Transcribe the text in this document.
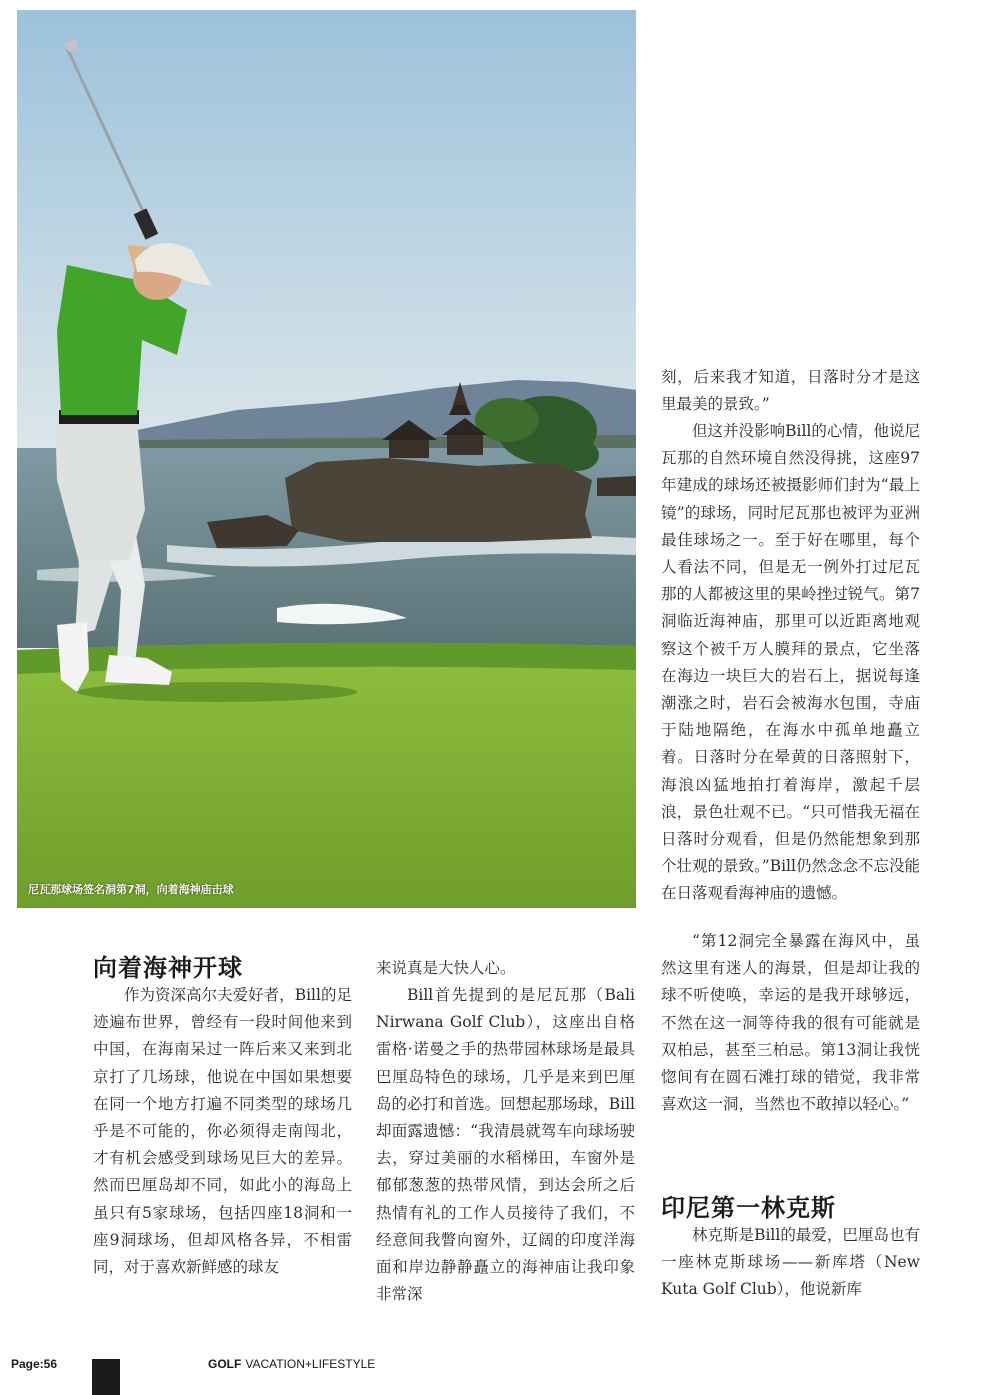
尼瓦那球场签名洞第7洞，向着海神庙击球
向着海神开球

作为资深高尔夫爱好者，Bill的足迹遍布世界，曾经有一段时间他来到中国，在海南呆过一阵后来又来到北京打了几场球，他说在中国如果想要在同一个地方打遍不同类型的球场几乎是不可能的，你必须得走南闯北，才有机会感受到球场见巨大的差异。然而巴厘岛却不同，如此小的海岛上虽只有5家球场，包括四座18洞和一座9洞球场，但却风格各异，不相雷同，对于喜欢新鲜感的球友

来说真是大快人心。

Bill首先提到的是尼瓦那（Bali Nirwana Golf Club），这座出自格雷格·诺曼之手的热带园林球场是最具巴厘岛特色的球场，几乎是来到巴厘岛的必打和首选。回想起那场球，Bill却面露遗憾：“我清晨就驾车向球场驶去，穿过美丽的水稻梯田，车窗外是郁郁葱葱的热带风情，到达会所之后热情有礼的工作人员接待了我们，不经意间我瞥向窗外，辽阔的印度洋海面和岸边静静矗立的海神庙让我印象非常深

刻，后来我才知道，日落时分才是这里最美的景致。”

但这并没影响Bill的心情，他说尼瓦那的自然环境自然没得挑，这座97年建成的球场还被摄影师们封为“最上镜”的球场，同时尼瓦那也被评为亚洲最佳球场之一。至于好在哪里，每个人看法不同，但是无一例外打过尼瓦那的人都被这里的果岭挫过锐气。第7洞临近海神庙，那里可以近距离地观察这个被千万人膜拜的景点，它坐落在海边一块巨大的岩石上，据说每逢潮涨之时，岩石会被海水包围，寺庙于陆地隔绝，在海水中孤单地矗立着。日落时分在晕黄的日落照射下，海浪凶猛地拍打着海岸，激起千层浪，景色壮观不已。“只可惜我无福在日落时分观看，但是仍然能想象到那个壮观的景致。”Bill仍然念念不忘没能在日落观看海神庙的遗憾。

“第12洞完全暴露在海风中，虽然这里有迷人的海景，但是却让我的球不听使唤，幸运的是我开球够远，不然在这一洞等待我的很有可能就是双柏忌，甚至三柏忌。第13洞让我恍惚间有在圆石滩打球的错觉，我非常喜欢这一洞，当然也不敢掉以轻心。”

印尼第一林克斯

林克斯是Bill的最爱，巴厘岛也有一座林克斯球场——新库塔（New Kuta Golf Club），他说新库

Page:56	GOLF VACATION+LIFESTYLE
